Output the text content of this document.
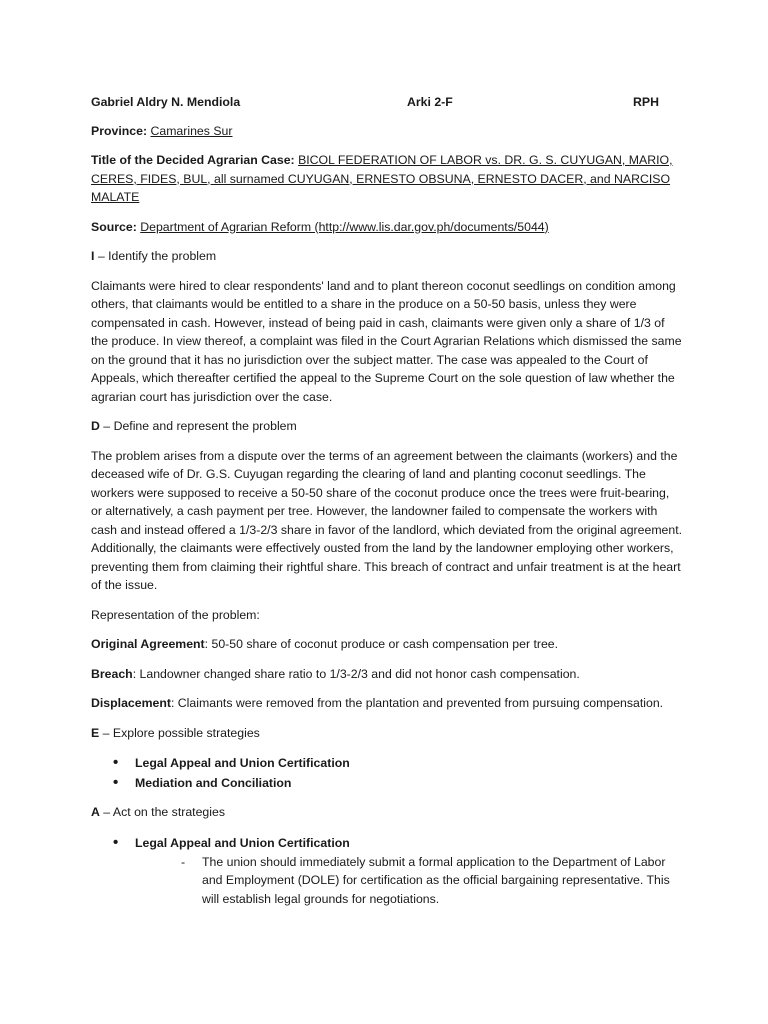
Gabriel Aldry N. Mendiola	Arki 2-F	RPH

Province: Camarines Sur

Title of the Decided Agrarian Case: BICOL FEDERATION OF LABOR vs. DR. G. S. CUYUGAN, MARIO, CERES, FIDES, BUL, all surnamed CUYUGAN, ERNESTO OBSUNA, ERNESTO DACER, and NARCISO MALATE

Source: Department of Agrarian Reform (http://www.lis.dar.gov.ph/documents/5044)

I – Identify the problem

Claimants were hired to clear respondents' land and to plant thereon coconut seedlings on condition among others, that claimants would be entitled to a share in the produce on a 50-50 basis, unless they were compensated in cash. However, instead of being paid in cash, claimants were given only a share of 1/3 of the produce. In view thereof, a complaint was filed in the Court Agrarian Relations which dismissed the same on the ground that it has no jurisdiction over the subject matter. The case was appealed to the Court of Appeals, which thereafter certified the appeal to the Supreme Court on the sole question of law whether the agrarian court has jurisdiction over the case.

D – Define and represent the problem

The problem arises from a dispute over the terms of an agreement between the claimants (workers) and the deceased wife of Dr. G.S. Cuyugan regarding the clearing of land and planting coconut seedlings. The workers were supposed to receive a 50-50 share of the coconut produce once the trees were fruit-bearing, or alternatively, a cash payment per tree. However, the landowner failed to compensate the workers with cash and instead offered a 1/3-2/3 share in favor of the landlord, which deviated from the original agreement. Additionally, the claimants were effectively ousted from the land by the landowner employing other workers, preventing them from claiming their rightful share. This breach of contract and unfair treatment is at the heart of the issue.

Representation of the problem:

Original Agreement: 50-50 share of coconut produce or cash compensation per tree.

Breach: Landowner changed share ratio to 1/3-2/3 and did not honor cash compensation.

Displacement: Claimants were removed from the plantation and prevented from pursuing compensation.

E – Explore possible strategies

• Legal Appeal and Union Certification
• Mediation and Conciliation

A – Act on the strategies

• Legal Appeal and Union Certification
- The union should immediately submit a formal application to the Department of Labor and Employment (DOLE) for certification as the official bargaining representative. This will establish legal grounds for negotiations.
